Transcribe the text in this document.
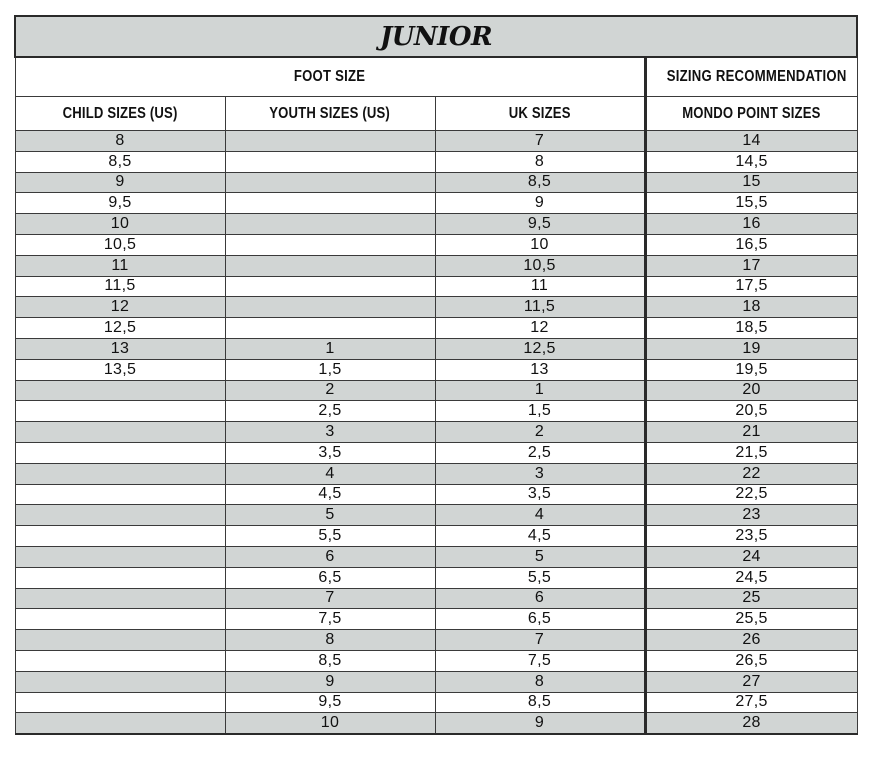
JUNIOR			
FOOT SIZE			SIZING RECOMMENDATION
CHILD SIZES (US)	YOUTH SIZES (US)	UK SIZES	MONDO POINT SIZES
8		7	14
8,5		8	14,5
9		8,5	15
9,5		9	15,5
10		9,5	16
10,5		10	16,5
11		10,5	17
11,5		11	17,5
12		11,5	18
12,5		12	18,5
13	1	12,5	19
13,5	1,5	13	19,5
	2	1	20
	2,5	1,5	20,5
	3	2	21
	3,5	2,5	21,5
	4	3	22
	4,5	3,5	22,5
	5	4	23
	5,5	4,5	23,5
	6	5	24
	6,5	5,5	24,5
	7	6	25
	7,5	6,5	25,5
	8	7	26
	8,5	7,5	26,5
	9	8	27
	9,5	8,5	27,5
	10	9	28
